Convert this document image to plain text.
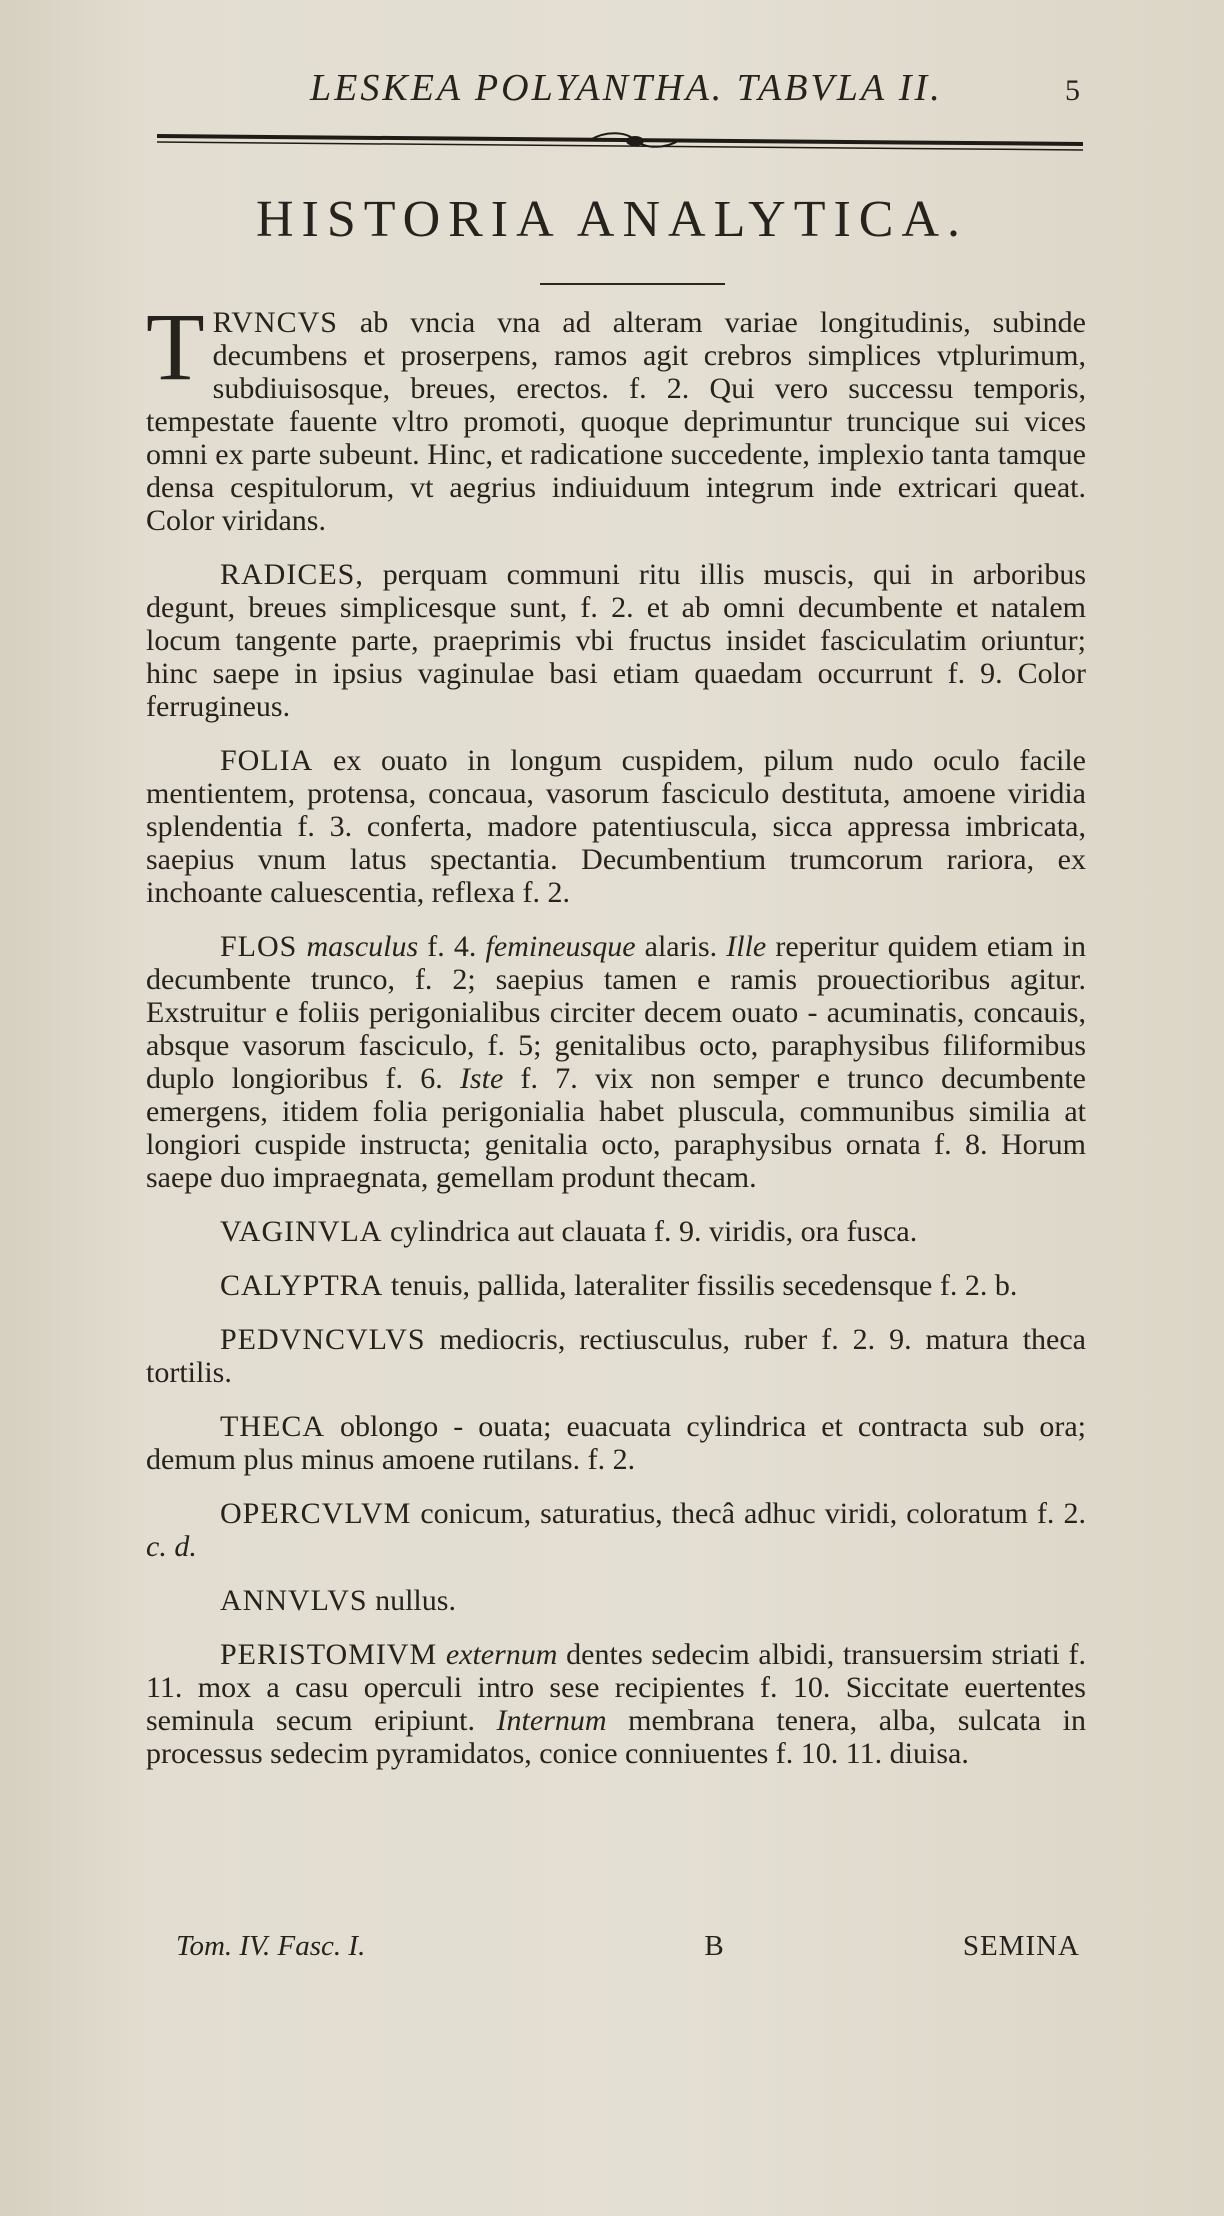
LESKEA POLYANTHA. TABVLA II.	5
HISTORIA ANALYTICA.

TRVNCVS ab vncia vna ad alteram variae longitudinis, subinde decumbens et proserpens, ramos agit crebros simplices vtplurimum, subdiuisosque, breues, erectos. f. 2. Qui vero successu temporis, tempestate fauente vltro promoti, quoque deprimuntur truncique sui vices omni ex parte subeunt. Hinc, et radicatione succedente, implexio tanta tamque densa cespitulorum, vt aegrius indiuiduum integrum inde extricari queat. Color viridans.

RADICES, perquam communi ritu illis muscis, qui in arboribus degunt, breues simplicesque sunt, f. 2. et ab omni decumbente et natalem locum tangente parte, praeprimis vbi fructus insidet fasciculatim oriuntur; hinc saepe in ipsius vaginulae basi etiam quaedam occurrunt f. 9. Color ferrugineus.

FOLIA ex ouato in longum cuspidem, pilum nudo oculo facile mentientem, protensa, concaua, vasorum fasciculo destituta, amoene viridia splendentia f. 3. conferta, madore patentiuscula, sicca appressa imbricata, saepius vnum latus spectantia. Decumbentium trumcorum rariora, ex inchoante caluescentia, reflexa f. 2.

FLOS masculus f. 4. femineusque alaris. Ille reperitur quidem etiam in decumbente trunco, f. 2; saepius tamen e ramis prouectioribus agitur. Exstruitur e foliis perigonialibus circiter decem ouato - acuminatis, concauis, absque vasorum fasciculo, f. 5; genitalibus octo, paraphysibus filiformibus duplo longioribus f. 6. Iste f. 7. vix non semper e trunco decumbente emergens, itidem folia perigonialia habet pluscula, communibus similia at longiori cuspide instructa; genitalia octo, paraphysibus ornata f. 8. Horum saepe duo impraegnata, gemellam produnt thecam.

VAGINVLA cylindrica aut clauata f. 9. viridis, ora fusca.

CALYPTRA tenuis, pallida, lateraliter fissilis secedensque f. 2. b.

PEDVNCVLVS mediocris, rectiusculus, ruber f. 2. 9. matura theca tortilis.

THECA oblongo - ouata; euacuata cylindrica et contracta sub ora; demum plus minus amoene rutilans. f. 2.

OPERCVLVM conicum, saturatius, thecâ adhuc viridi, coloratum f. 2. c. d.

ANNVLVS nullus.

PERISTOMIVM externum dentes sedecim albidi, transuersim striati f. 11. mox a casu operculi intro sese recipientes f. 10. Siccitate euertentes seminula secum eripiunt. Internum membrana tenera, alba, sulcata in processus sedecim pyramidatos, conice conniuentes f. 10. 11. diuisa.

Tom. IV. Fasc. I.	B	SEMINA
